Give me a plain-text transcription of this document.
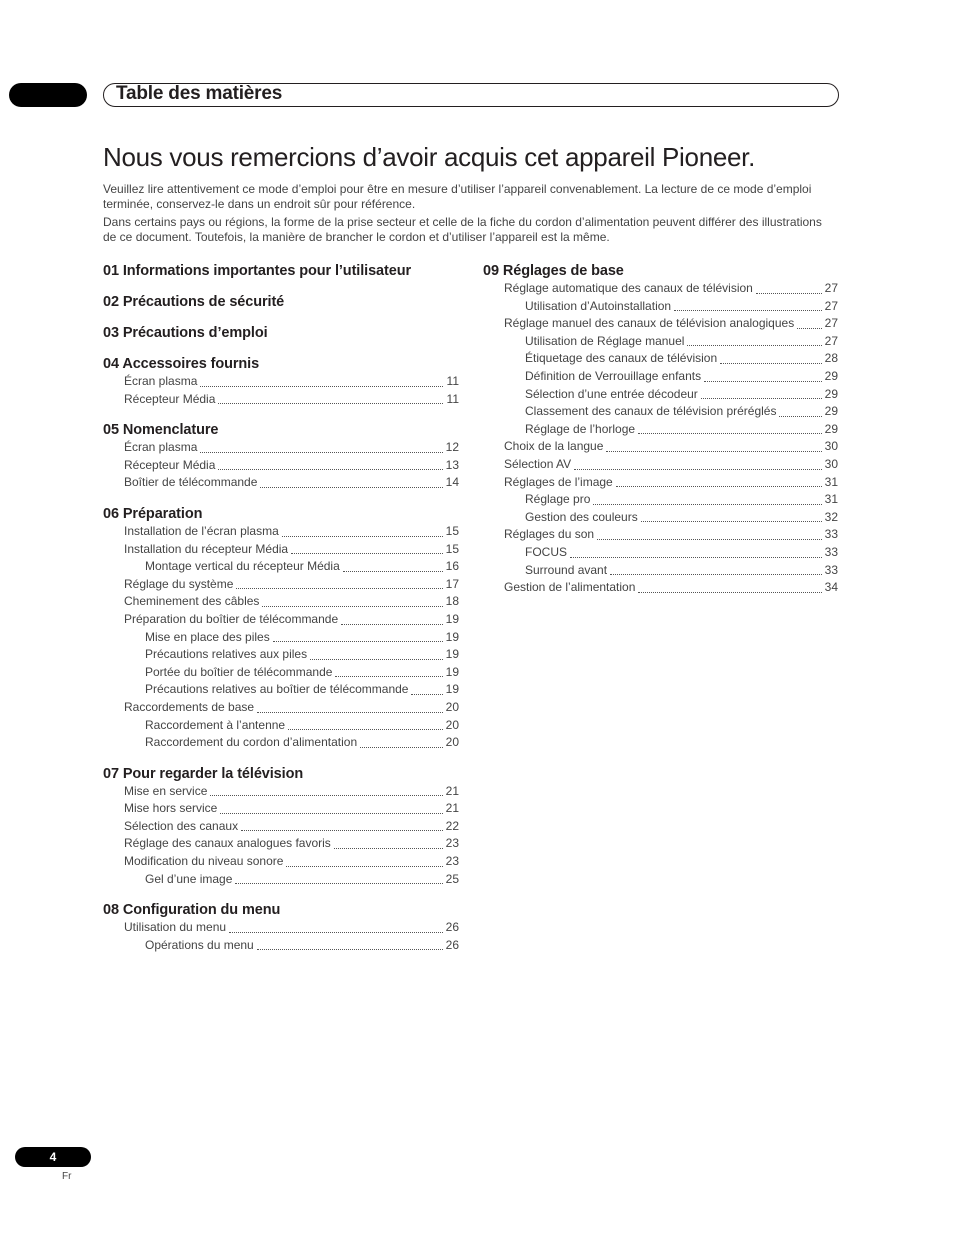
Table des matières
Nous vous remercions d’avoir acquis cet appareil Pioneer.

Veuillez lire attentivement ce mode d’emploi pour être en mesure d’utiliser l’appareil convenablement. La lecture de ce mode d’emploi terminée, conservez-le dans un endroit sûr pour référence.

Dans certains pays ou régions, la forme de la prise secteur et celle de la fiche du cordon d’alimentation peuvent différer des illustrations de ce document. Toutefois, la manière de brancher le cordon et d’utiliser l’appareil est la même.

01 Informations importantes pour l’utilisateur
02 Précautions de sécurité
03 Précautions d’emploi
04 Accessoires fournis
Écran plasma	11
Récepteur Média	11
05 Nomenclature
Écran plasma	12
Récepteur Média	13
Boîtier de télécommande	14
06 Préparation
Installation de l’écran plasma	15
Installation du récepteur Média	15
Montage vertical du récepteur Média	16
Réglage du système	17
Cheminement des câbles	18
Préparation du boîtier de télécommande	19
Mise en place des piles	19
Précautions relatives aux piles	19
Portée du boîtier de télécommande	19
Précautions relatives au boîtier de télécommande	19
Raccordements de base	20
Raccordement à l’antenne	20
Raccordement du cordon d’alimentation	20
07 Pour regarder la télévision
Mise en service	21
Mise hors service	21
Sélection des canaux	22
Réglage des canaux analogues favoris	23
Modification du niveau sonore	23
Gel d’une image	25
08 Configuration du menu
Utilisation du menu	26
Opérations du menu	26
09 Réglages de base
Réglage automatique des canaux de télévision	27
Utilisation d’Autoinstallation	27
Réglage manuel des canaux de télévision analogiques	27
Utilisation de Réglage manuel	27
Étiquetage des canaux de télévision	28
Définition de Verrouillage enfants	29
Sélection d’une entrée décodeur	29
Classement des canaux de télévision préréglés	29
Réglage de l’horloge	29
Choix de la langue	30
Sélection AV	30
Réglages de l’image	31
Réglage pro	31
Gestion des couleurs	32
Réglages du son	33
FOCUS	33
Surround avant	33
Gestion de l’alimentation	34
4
Fr
